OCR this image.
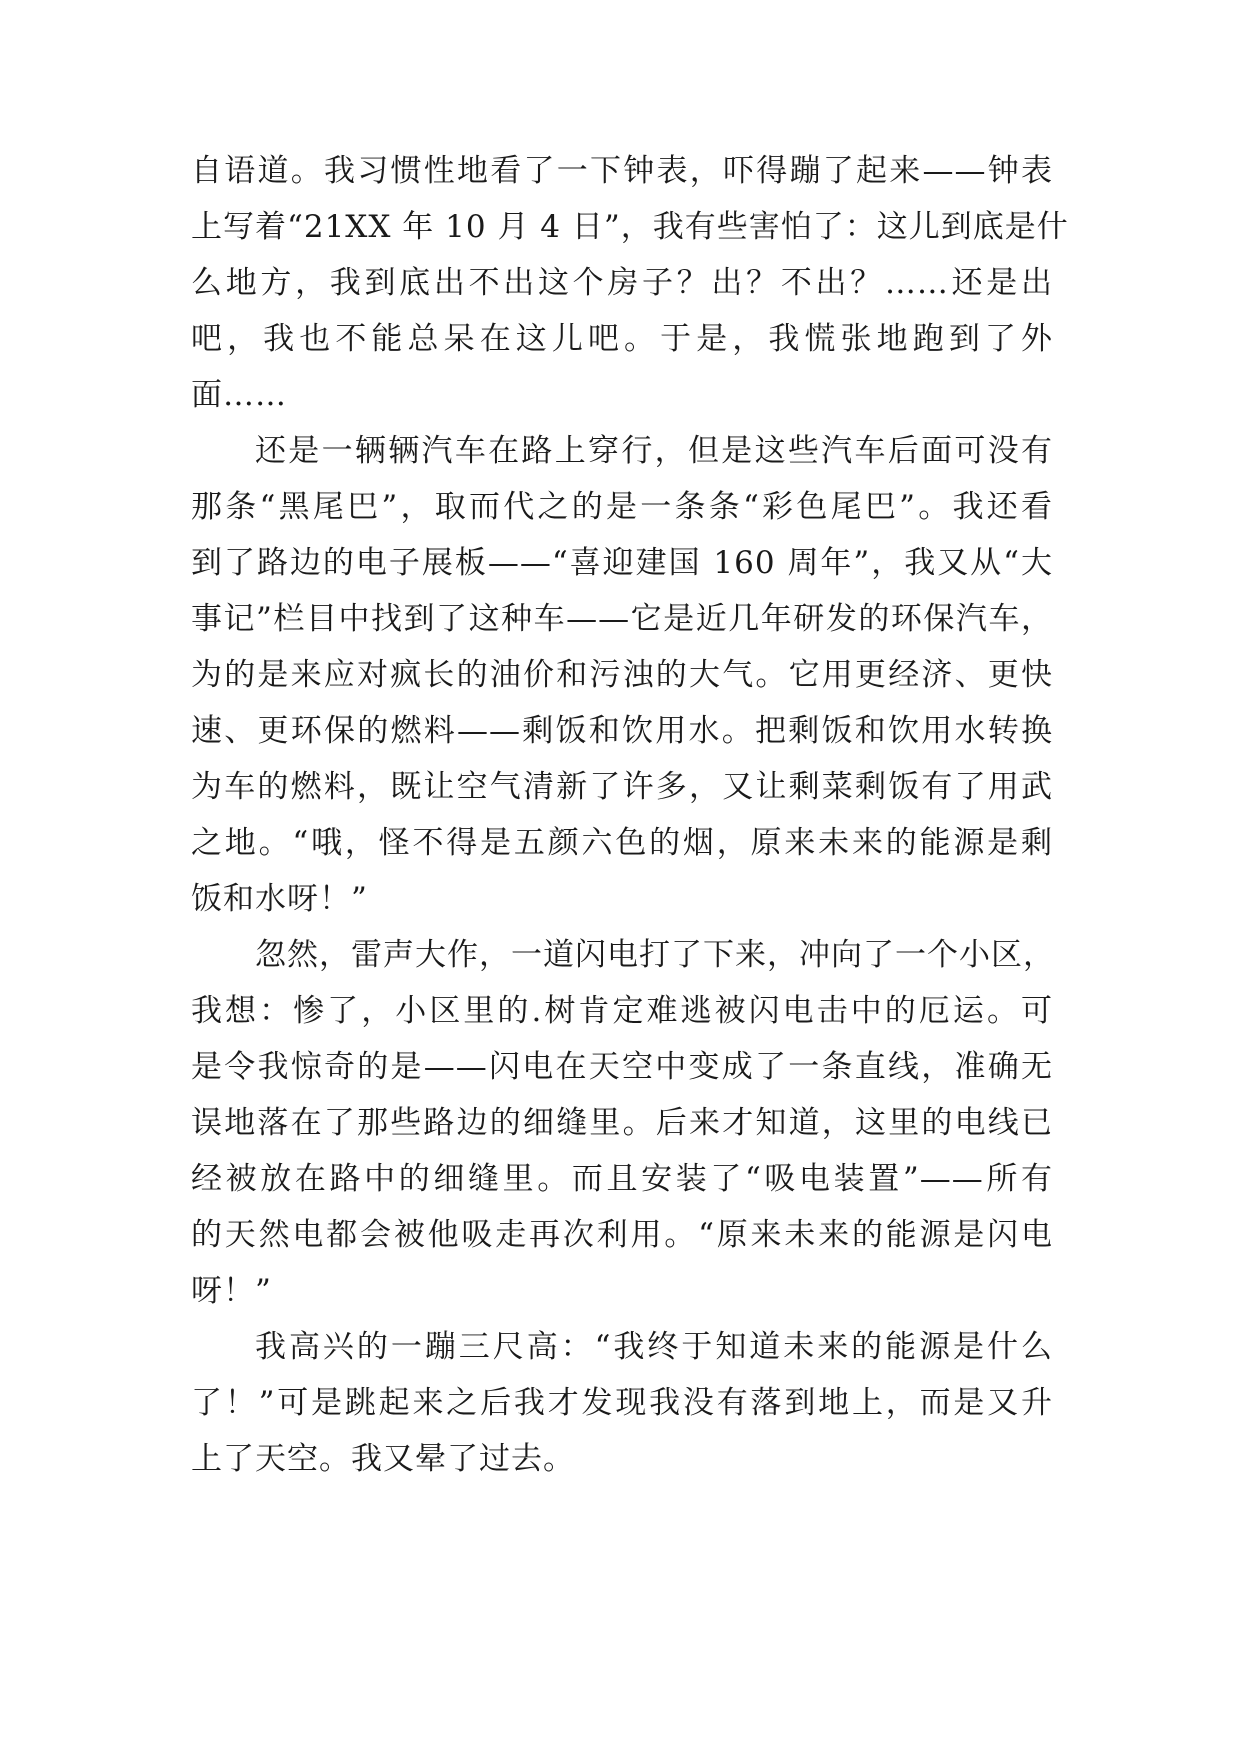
自语道。我习惯性地看了一下钟表，吓得蹦了起来——钟表
上写着“21XX 年 10 月 4 日”，我有些害怕了：这儿到底是什
么地方，我到底出不出这个房子？出？不出？……还是出
吧，我也不能总呆在这儿吧。于是，我慌张地跑到了外
面……
还是一辆辆汽车在路上穿行，但是这些汽车后面可没有
那条“黑尾巴”，取而代之的是一条条“彩色尾巴”。我还看
到了路边的电子展板——“喜迎建国 160 周年”，我又从“大
事记”栏目中找到了这种车——它是近几年研发的环保汽车，
为的是来应对疯长的油价和污浊的大气。它用更经济、更快
速、更环保的燃料——剩饭和饮用水。把剩饭和饮用水转换
为车的燃料，既让空气清新了许多，又让剩菜剩饭有了用武
之地。“哦，怪不得是五颜六色的烟，原来未来的能源是剩
饭和水呀！”
忽然，雷声大作，一道闪电打了下来，冲向了一个小区，
我想：惨了，小区里的.树肯定难逃被闪电击中的厄运。可
是令我惊奇的是——闪电在天空中变成了一条直线，准确无
误地落在了那些路边的细缝里。后来才知道，这里的电线已
经被放在路中的细缝里。而且安装了“吸电装置”——所有
的天然电都会被他吸走再次利用。“原来未来的能源是闪电
呀！”
我高兴的一蹦三尺高：“我终于知道未来的能源是什么
了！”可是跳起来之后我才发现我没有落到地上，而是又升
上了天空。我又晕了过去。
